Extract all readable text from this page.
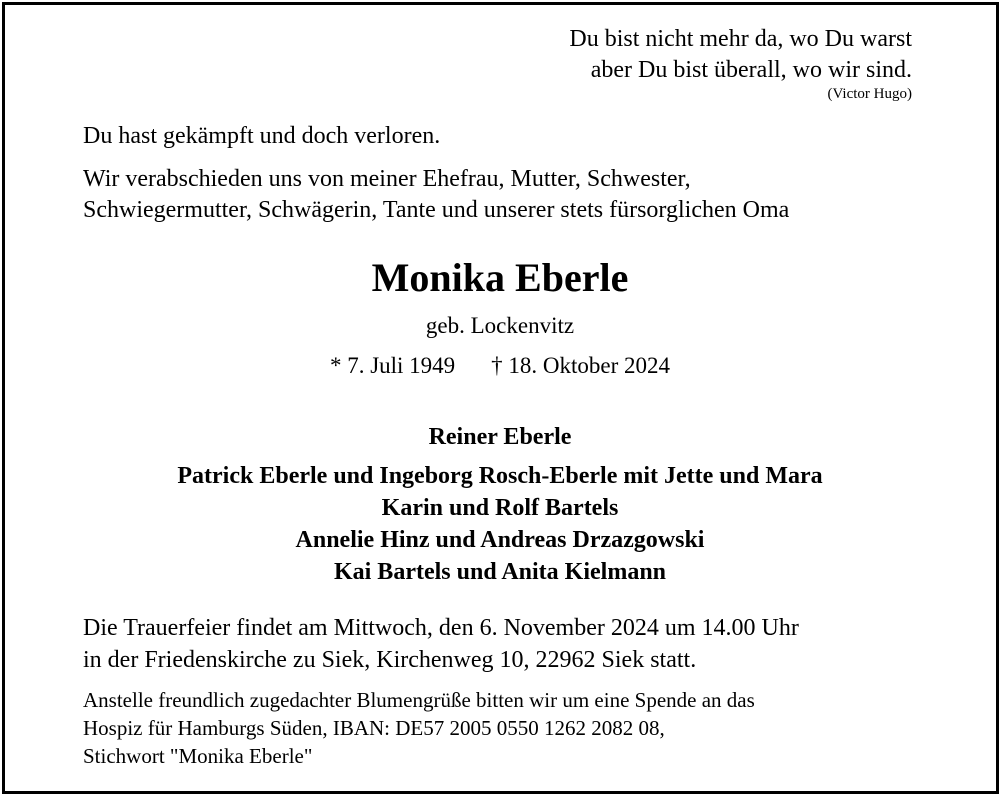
Du bist nicht mehr da, wo Du warst
aber Du bist überall, wo wir sind.
(Victor Hugo)
Du hast gekämpft und doch verloren.
Wir verabschieden uns von meiner Ehefrau, Mutter, Schwester,
Schwiegermutter, Schwägerin, Tante und unserer stets fürsorglichen Oma
Monika Eberle
geb. Lockenvitz
* 7. Juli 1949 † 18. Oktober 2024
Reiner Eberle
Patrick Eberle und Ingeborg Rosch-Eberle mit Jette und Mara
Karin und Rolf Bartels
Annelie Hinz und Andreas Drzazgowski
Kai Bartels und Anita Kielmann
Die Trauerfeier findet am Mittwoch, den 6. November 2024 um 14.00 Uhr
in der Friedenskirche zu Siek, Kirchenweg 10, 22962 Siek statt.
Anstelle freundlich zugedachter Blumengrüße bitten wir um eine Spende an das
Hospiz für Hamburgs Süden, IBAN: DE57 2005 0550 1262 2082 08,
Stichwort "Monika Eberle"
